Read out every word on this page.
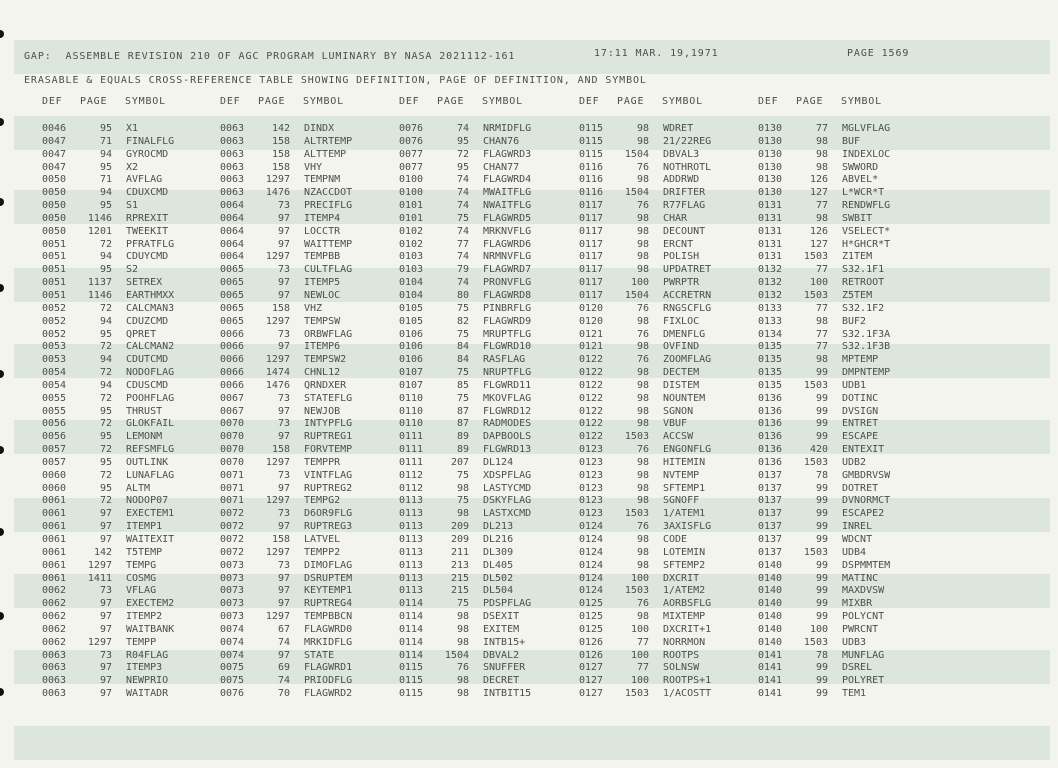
GAP:  ASSEMBLE REVISION 210 OF AGC PROGRAM LUMINARY BY NASA 2021112-161	17:11 MAR. 19,1971	PAGE 1569
ERASABLE & EQUALS CROSS-REFERENCE TABLE SHOWING DEFINITION, PAGE OF DEFINITION, AND SYMBOL
DEF PAGE SYMBOL	DEF PAGE SYMBOL	DEF PAGE SYMBOL	DEF PAGE SYMBOL	DEF PAGE SYMBOL
0046	95 X1	0063	142 DINDX	0076	74 NRMIDFLG	0115	98 WDRET	0130	77 MGLVFLAG
0047	71 FINALFLG	0063	158 ALTRTEMP	0076	95 CHAN76	0115	98 21/22REG	0130	98 BUF
0047	94 GYROCMD	0063	158 ALTTEMP	0077	72 FLAGWRD3	0115	1504 DBVAL3	0130	98 INDEXLOC
0047	95 X2	0063	158 VHY	0077	95 CHAN77	0116	76 NOTHROTL	0130	98 SWWORD
0050	71 AVFLAG	0063	1297 TEMPNM	0100	74 FLAGWRD4	0116	98 ADDRWD	0130	126 ABVEL*
0050	94 CDUXCMD	0063	1476 NZACCDOT	0100	74 MWAITFLG	0116	1504 DRIFTER	0130	127 L*WCR*T
0050	95 S1	0064	73 PRECIFLG	0101	74 NWAITFLG	0117	76 R77FLAG	0131	77 RENDWFLG
0050	1146 RPREXIT	0064	97 ITEMP4	0101	75 FLAGWRD5	0117	98 CHAR	0131	98 SWBIT
0050	1201 TWEEKIT	0064	97 LOCCTR	0102	74 MRKNVFLG	0117	98 DECOUNT	0131	126 VSELECT*
0051	72 PFRATFLG	0064	97 WAITTEMP	0102	77 FLAGWRD6	0117	98 ERCNT	0131	127 H*GHCR*T
0051	94 CDUYCMD	0064	1297 TEMPBB	0103	74 NRMNVFLG	0117	98 POLISH	0131	1503 Z1TEM
0051	95 S2	0065	73 CULTFLAG	0103	79 FLAGWRD7	0117	98 UPDATRET	0132	77 S32.1F1
0051	1137 SETREX	0065	97 ITEMP5	0104	74 PRONVFLG	0117	100 PWRPTR	0132	100 RETROOT
0051	1146 EARTHMXX	0065	97 NEWLOC	0104	80 FLAGWRD8	0117	1504 ACCRETRN	0132	1503 Z5TEM
0052	72 CALCMAN3	0065	158 VHZ	0105	75 PINBRFLG	0120	76 RNGSCFLG	0133	77 S32.1F2
0052	94 CDUZCMD	0065	1297 TEMPSW	0105	82 FLAGWRD9	0120	98 FIXLOC	0133	98 BUF2
0052	95 QPRET	0066	73 ORBWFLAG	0106	75 MRUPTFLG	0121	76 DMENFLG	0134	77 S32.1F3A
0053	72 CALCMAN2	0066	97 ITEMP6	0106	84 FLGWRD10	0121	98 OVFIND	0135	77 S32.1F3B
0053	94 CDUTCMD	0066	1297 TEMPSW2	0106	84 RASFLAG	0122	76 ZOOMFLAG	0135	98 MPTEMP
0054	72 NODOFLAG	0066	1474 CHNL12	0107	75 NRUPTFLG	0122	98 DECTEM	0135	99 DMPNTEMP
0054	94 CDUSCMD	0066	1476 QRNDXER	0107	85 FLGWRD11	0122	98 DISTEM	0135	1503 UDB1
0055	72 POOHFLAG	0067	73 STATEFLG	0110	75 MKOVFLAG	0122	98 NOUNTEM	0136	99 DOTINC
0055	95 THRUST	0067	97 NEWJOB	0110	87 FLGWRD12	0122	98 SGNON	0136	99 DVSIGN
0056	72 GLOKFAIL	0070	73 INTYPFLG	0110	87 RADMODES	0122	98 VBUF	0136	99 ENTRET
0056	95 LEMONM	0070	97 RUPTREG1	0111	89 DAPBOOLS	0122	1503 ACCSW	0136	99 ESCAPE
0057	72 REFSMFLG	0070	158 FORVTEMP	0111	89 FLGWRD13	0123	76 ENGONFLG	0136	420 ENTEXIT
0057	95 OUTLINK	0070	1297 TEMPPR	0111	207 DL124	0123	98 HITEMIN	0136	1503 UDB2
0060	72 LUNAFLAG	0071	73 VINTFLAG	0112	75 XDSPFLAG	0123	98 NVTEMP	0137	78 GMBDRVSW
0060	95 ALTM	0071	97 RUPTREG2	0112	98 LASTYCMD	0123	98 SFTEMP1	0137	99 DOTRET
0061	72 NODOP07	0071	1297 TEMPG2	0113	75 DSKYFLAG	0123	98 SGNOFF	0137	99 DVNORMCT
0061	97 EXECTEM1	0072	73 D6OR9FLG	0113	98 LASTXCMD	0123	1503 1/ATEM1	0137	99 ESCAPE2
0061	97 ITEMP1	0072	97 RUPTREG3	0113	209 DL213	0124	76 3AXISFLG	0137	99 INREL
0061	97 WAITEXIT	0072	158 LATVEL	0113	209 DL216	0124	98 CODE	0137	99 WDCNT
0061	142 T5TEMP	0072	1297 TEMPP2	0113	211 DL309	0124	98 LOTEMIN	0137	1503 UDB4
0061	1297 TEMPG	0073	73 DIMOFLAG	0113	213 DL405	0124	98 SFTEMP2	0140	99 DSPMMTEM
0061	1411 COSMG	0073	97 DSRUPTEM	0113	215 DL502	0124	100 DXCRIT	0140	99 MATINC
0062	73 VFLAG	0073	97 KEYTEMP1	0113	215 DL504	0124	1503 1/ATEM2	0140	99 MAXDVSW
0062	97 EXECTEM2	0073	97 RUPTREG4	0114	75 PDSPFLAG	0125	76 AORBSFLG	0140	99 MIXBR
0062	97 ITEMP2	0073	1297 TEMPBBCN	0114	98 DSEXIT	0125	98 MIXTEMP	0140	99 POLYCNT
0062	97 WAITBANK	0074	67 FLAGWRD0	0114	98 EXITEM	0125	100 DXCRIT+1	0140	100 PWRCNT
0062	1297 TEMPP	0074	74 MRKIDFLG	0114	98 INTB15+	0126	77 NORRMON	0140	1503 UDB3
0063	73 R04FLAG	0074	97 STATE	0114	1504 DBVAL2	0126	100 ROOTPS	0141	78 MUNFLAG
0063	97 ITEMP3	0075	69 FLAGWRD1	0115	76 SNUFFER	0127	77 SOLNSW	0141	99 DSREL
0063	97 NEWPRIO	0075	74 PRIODFLG	0115	98 DECRET	0127	100 ROOTPS+1	0141	99 POLYRET
0063	97 WAITADR	0076	70 FLAGWRD2	0115	98 INTBIT15	0127	1503 1/ACOSTT	0141	99 TEM1
